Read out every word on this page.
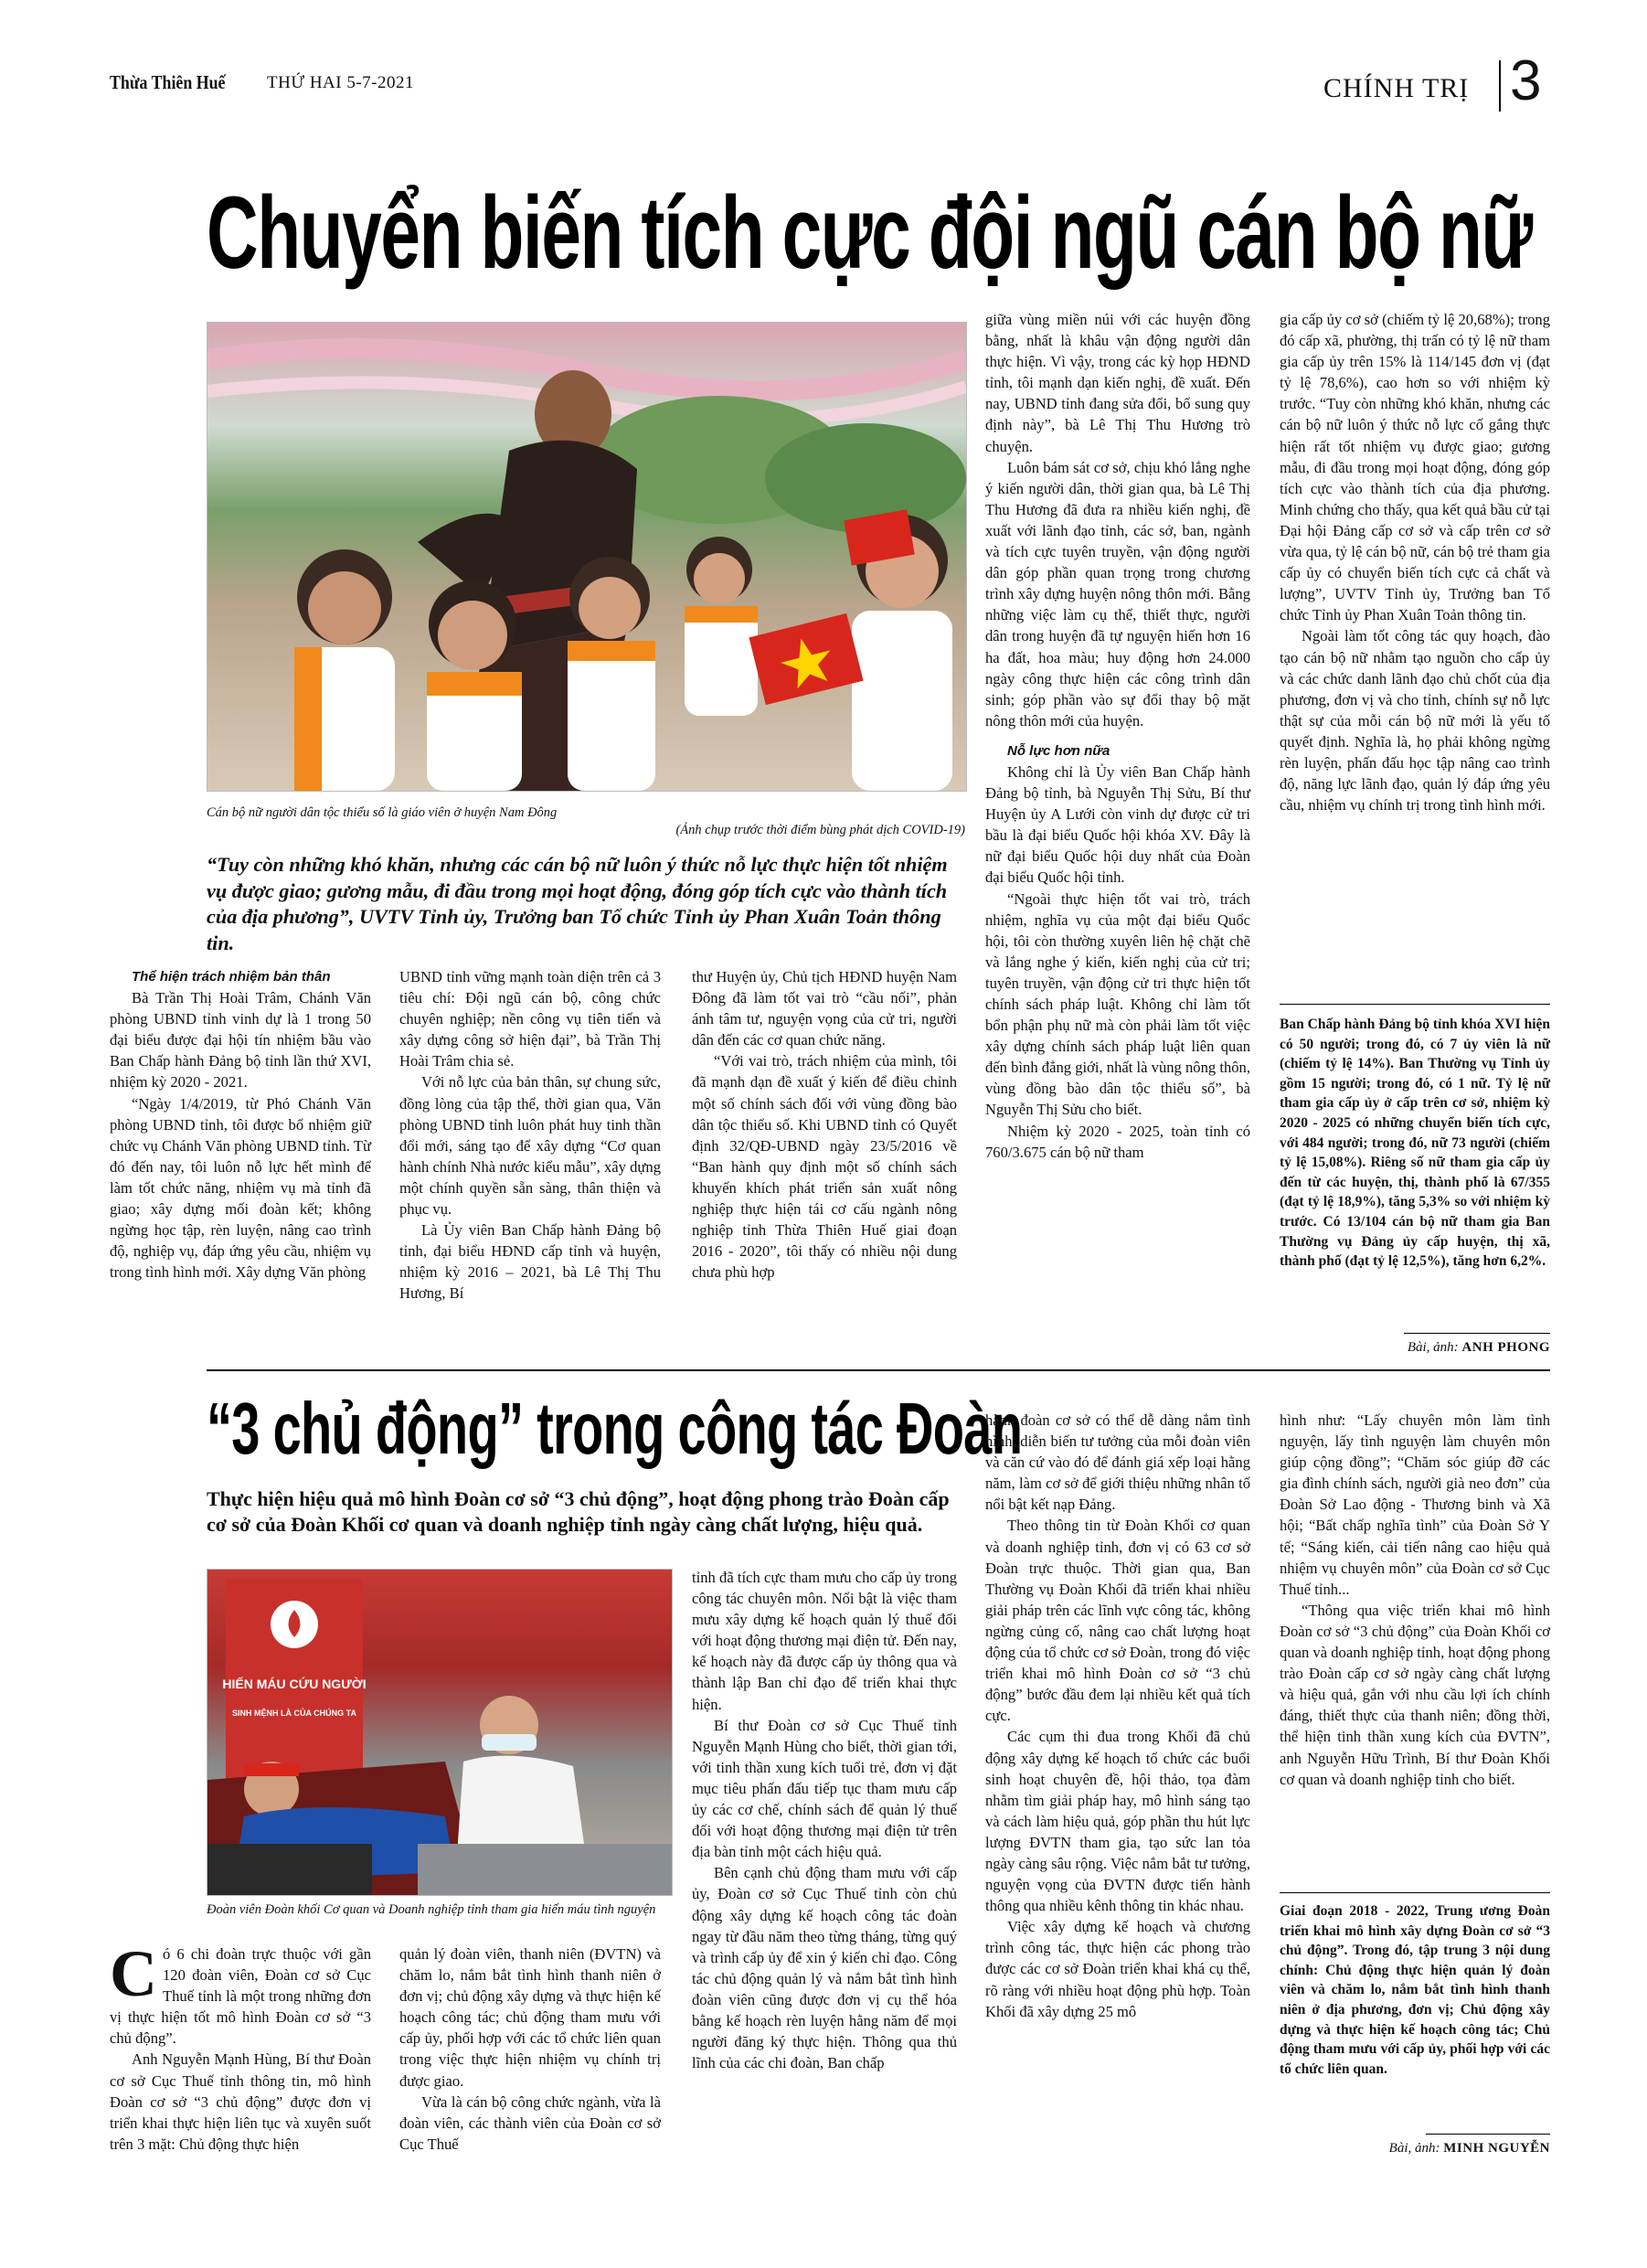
Thừa Thiên Huế THỨ HAI 5-7-2021	CHÍNH TRỊ 3
Chuyển biến tích cực đội ngũ cán bộ nữ
Cán bộ nữ người dân tộc thiểu số là giáo viên ở huyện Nam Đông
(Ảnh chụp trước thời điểm bùng phát dịch COVID-19)
“Tuy còn những khó khăn, nhưng các cán bộ nữ luôn ý thức nỗ lực thực hiện tốt nhiệm vụ được giao; gương mẫu, đi đầu trong mọi hoạt động, đóng góp tích cực vào thành tích của địa phương”, UVTV Tỉnh ủy, Trưởng ban Tổ chức Tỉnh ủy Phan Xuân Toản thông tin.

Thể hiện trách nhiệm bản thân

Bà Trần Thị Hoài Trâm, Chánh Văn phòng UBND tỉnh vinh dự là 1 trong 50 đại biểu được đại hội tín nhiệm bầu vào Ban Chấp hành Đảng bộ tỉnh lần thứ XVI, nhiệm kỳ 2020 - 2021.

“Ngày 1/4/2019, từ Phó Chánh Văn phòng UBND tỉnh, tôi được bổ nhiệm giữ chức vụ Chánh Văn phòng UBND tỉnh. Từ đó đến nay, tôi luôn nỗ lực hết mình để làm tốt chức năng, nhiệm vụ mà tỉnh đã giao; xây dựng mối đoàn kết; không ngừng học tập, rèn luyện, nâng cao trình độ, nghiệp vụ, đáp ứng yêu cầu, nhiệm vụ trong tình hình mới. Xây dựng Văn phòng

UBND tỉnh vững mạnh toàn diện trên cả 3 tiêu chí: Đội ngũ cán bộ, công chức chuyên nghiệp; nền công vụ tiên tiến và xây dựng công sở hiện đại”, bà Trần Thị Hoài Trâm chia sẻ.

Với nỗ lực của bản thân, sự chung sức, đồng lòng của tập thể, thời gian qua, Văn phòng UBND tỉnh luôn phát huy tinh thần đổi mới, sáng tạo để xây dựng “Cơ quan hành chính Nhà nước kiểu mẫu”, xây dựng một chính quyền sẵn sàng, thân thiện và phục vụ.

Là Ủy viên Ban Chấp hành Đảng bộ tỉnh, đại biểu HĐND cấp tỉnh và huyện, nhiệm kỳ 2016 – 2021, bà Lê Thị Thu Hương, Bí

thư Huyện ủy, Chủ tịch HĐND huyện Nam Đông đã làm tốt vai trò “cầu nối”, phản ánh tâm tư, nguyện vọng của cử tri, người dân đến các cơ quan chức năng.

“Với vai trò, trách nhiệm của mình, tôi đã mạnh dạn đề xuất ý kiến để điều chỉnh một số chính sách đối với vùng đồng bào dân tộc thiểu số. Khi UBND tỉnh có Quyết định 32/QĐ-UBND ngày 23/5/2016 về “Ban hành quy định một số chính sách khuyến khích phát triển sản xuất nông nghiệp thực hiện tái cơ cấu ngành nông nghiệp tỉnh Thừa Thiên Huế giai đoạn 2016 - 2020”, tôi thấy có nhiều nội dung chưa phù hợp

giữa vùng miền núi với các huyện đồng bằng, nhất là khâu vận động người dân thực hiện. Vì vậy, trong các kỳ họp HĐND tỉnh, tôi mạnh dạn kiến nghị, đề xuất. Đến nay, UBND tỉnh đang sửa đổi, bổ sung quy định này”, bà Lê Thị Thu Hương trò chuyện.

Luôn bám sát cơ sở, chịu khó lắng nghe ý kiến người dân, thời gian qua, bà Lê Thị Thu Hương đã đưa ra nhiều kiến nghị, đề xuất với lãnh đạo tỉnh, các sở, ban, ngành và tích cực tuyên truyền, vận động người dân góp phần quan trọng trong chương trình xây dựng huyện nông thôn mới. Bằng những việc làm cụ thể, thiết thực, người dân trong huyện đã tự nguyện hiến hơn 16 ha đất, hoa màu; huy động hơn 24.000 ngày công thực hiện các công trình dân sinh; góp phần vào sự đổi thay bộ mặt nông thôn mới của huyện.

Nỗ lực hơn nữa

Không chỉ là Ủy viên Ban Chấp hành Đảng bộ tỉnh, bà Nguyễn Thị Sửu, Bí thư Huyện ủy A Lưới còn vinh dự được cử tri bầu là đại biểu Quốc hội khóa XV. Đây là nữ đại biểu Quốc hội duy nhất của Đoàn đại biểu Quốc hội tỉnh.

“Ngoài thực hiện tốt vai trò, trách nhiệm, nghĩa vụ của một đại biểu Quốc hội, tôi còn thường xuyên liên hệ chặt chẽ và lắng nghe ý kiến, kiến nghị của cử tri; tuyên truyền, vận động cử tri thực hiện tốt chính sách pháp luật. Không chỉ làm tốt bổn phận phụ nữ mà còn phải làm tốt việc xây dựng chính sách pháp luật liên quan đến bình đẳng giới, nhất là vùng nông thôn, vùng đồng bào dân tộc thiểu số”, bà Nguyễn Thị Sửu cho biết.

Nhiệm kỳ 2020 - 2025, toàn tỉnh có 760/3.675 cán bộ nữ tham

gia cấp ủy cơ sở (chiếm tỷ lệ 20,68%); trong đó cấp xã, phường, thị trấn có tỷ lệ nữ tham gia cấp ủy trên 15% là 114/145 đơn vị (đạt tỷ lệ 78,6%), cao hơn so với nhiệm kỳ trước. “Tuy còn những khó khăn, nhưng các cán bộ nữ luôn ý thức nỗ lực cố gắng thực hiện rất tốt nhiệm vụ được giao; gương mẫu, đi đầu trong mọi hoạt động, đóng góp tích cực vào thành tích của địa phương. Minh chứng cho thấy, qua kết quả bầu cử tại Đại hội Đảng cấp cơ sở và cấp trên cơ sở vừa qua, tỷ lệ cán bộ nữ, cán bộ trẻ tham gia cấp ủy có chuyển biến tích cực cả chất và lượng”, UVTV Tỉnh ủy, Trưởng ban Tổ chức Tỉnh ủy Phan Xuân Toản thông tin.

Ngoài làm tốt công tác quy hoạch, đào tạo cán bộ nữ nhằm tạo nguồn cho cấp ủy và các chức danh lãnh đạo chủ chốt của địa phương, đơn vị và cho tỉnh, chính sự nỗ lực thật sự của mỗi cán bộ nữ mới là yếu tố quyết định. Nghĩa là, họ phải không ngừng rèn luyện, phấn đấu học tập nâng cao trình độ, năng lực lãnh đạo, quản lý đáp ứng yêu cầu, nhiệm vụ chính trị trong tình hình mới.

Ban Chấp hành Đảng bộ tỉnh khóa XVI hiện có 50 người; trong đó, có 7 ủy viên là nữ (chiếm tỷ lệ 14%). Ban Thường vụ Tỉnh ủy gồm 15 người; trong đó, có 1 nữ. Tỷ lệ nữ tham gia cấp ủy ở cấp trên cơ sở, nhiệm kỳ 2020 - 2025 có những chuyển biến tích cực, với 484 người; trong đó, nữ 73 người (chiếm tỷ lệ 15,08%). Riêng số nữ tham gia cấp ủy đến từ các huyện, thị, thành phố là 67/355 (đạt tỷ lệ 18,9%), tăng 5,3% so với nhiệm kỳ trước. Có 13/104 cán bộ nữ tham gia Ban Thường vụ Đảng ủy cấp huyện, thị xã, thành phố (đạt tỷ lệ 12,5%), tăng hơn 6,2%.
Bài, ảnh: ANH PHONG
“3 chủ động” trong công tác Đoàn
Thực hiện hiệu quả mô hình Đoàn cơ sở “3 chủ động”, hoạt động phong trào Đoàn cấp cơ sở của Đoàn Khối cơ quan và doanh nghiệp tỉnh ngày càng chất lượng, hiệu quả.
HIẾN MÁU CỨU NGƯỜI
SINH MỆNH LÀ CỦA CHÚNG TA
Đoàn viên Đoàn khối Cơ quan và Doanh nghiệp tỉnh tham gia hiến máu tình nguyện

Có 6 chi đoàn trực thuộc với gần 120 đoàn viên, Đoàn cơ sở Cục Thuế tỉnh là một trong những đơn vị thực hiện tốt mô hình Đoàn cơ sở “3 chủ động”.

Anh Nguyễn Mạnh Hùng, Bí thư Đoàn cơ sở Cục Thuế tỉnh thông tin, mô hình Đoàn cơ sở “3 chủ động” được đơn vị triển khai thực hiện liên tục và xuyên suốt trên 3 mặt: Chủ động thực hiện

quản lý đoàn viên, thanh niên (ĐVTN) và chăm lo, nắm bắt tình hình thanh niên ở đơn vị; chủ động xây dựng và thực hiện kế hoạch công tác; chủ động tham mưu với cấp ủy, phối hợp với các tổ chức liên quan trong việc thực hiện nhiệm vụ chính trị được giao.

Vừa là cán bộ công chức ngành, vừa là đoàn viên, các thành viên của Đoàn cơ sở Cục Thuế

tỉnh đã tích cực tham mưu cho cấp ủy trong công tác chuyên môn. Nổi bật là việc tham mưu xây dựng kế hoạch quản lý thuế đối với hoạt động thương mại điện tử. Đến nay, kế hoạch này đã được cấp ủy thông qua và thành lập Ban chỉ đạo để triển khai thực hiện.

Bí thư Đoàn cơ sở Cục Thuế tỉnh Nguyễn Mạnh Hùng cho biết, thời gian tới, với tinh thần xung kích tuổi trẻ, đơn vị đặt mục tiêu phấn đấu tiếp tục tham mưu cấp ủy các cơ chế, chính sách để quản lý thuế đối với hoạt động thương mại điện tử trên địa bàn tỉnh một cách hiệu quả.

Bên cạnh chủ động tham mưu với cấp ủy, Đoàn cơ sở Cục Thuế tỉnh còn chủ động xây dựng kế hoạch công tác đoàn ngay từ đầu năm theo từng tháng, từng quý và trình cấp ủy để xin ý kiến chỉ đạo. Công tác chủ động quản lý và nắm bắt tình hình đoàn viên cũng được đơn vị cụ thể hóa bằng kế hoạch rèn luyện hằng năm để mọi người đăng ký thực hiện. Thông qua thủ lĩnh của các chi đoàn, Ban chấp

hành đoàn cơ sở có thể dễ dàng nắm tình hình, diễn biến tư tưởng của mỗi đoàn viên và căn cứ vào đó để đánh giá xếp loại hằng năm, làm cơ sở để giới thiệu những nhân tố nổi bật kết nạp Đảng.

Theo thông tin từ Đoàn Khối cơ quan và doanh nghiệp tỉnh, đơn vị có 63 cơ sở Đoàn trực thuộc. Thời gian qua, Ban Thường vụ Đoàn Khối đã triển khai nhiều giải pháp trên các lĩnh vực công tác, không ngừng củng cố, nâng cao chất lượng hoạt động của tổ chức cơ sở Đoàn, trong đó việc triển khai mô hình Đoàn cơ sở “3 chủ động” bước đầu đem lại nhiều kết quả tích cực.

Các cụm thi đua trong Khối đã chủ động xây dựng kế hoạch tổ chức các buổi sinh hoạt chuyên đề, hội thảo, tọa đàm nhằm tìm giải pháp hay, mô hình sáng tạo và cách làm hiệu quả, góp phần thu hút lực lượng ĐVTN tham gia, tạo sức lan tỏa ngày càng sâu rộng. Việc nắm bắt tư tưởng, nguyện vọng của ĐVTN được tiến hành thông qua nhiều kênh thông tin khác nhau.

Việc xây dựng kế hoạch và chương trình công tác, thực hiện các phong trào được các cơ sở Đoàn triển khai khá cụ thể, rõ ràng với nhiều hoạt động phù hợp. Toàn Khối đã xây dựng 25 mô

hình như: “Lấy chuyên môn làm tình nguyện, lấy tình nguyện làm chuyên môn giúp cộng đồng”; “Chăm sóc giúp đỡ các gia đình chính sách, người già neo đơn” của Đoàn Sở Lao động - Thương binh và Xã hội; “Bất chấp nghĩa tình” của Đoàn Sở Y tế; “Sáng kiến, cải tiến nâng cao hiệu quả nhiệm vụ chuyên môn” của Đoàn cơ sở Cục Thuế tỉnh...

“Thông qua việc triển khai mô hình Đoàn cơ sở “3 chủ động” của Đoàn Khối cơ quan và doanh nghiệp tỉnh, hoạt động phong trào Đoàn cấp cơ sở ngày càng chất lượng và hiệu quả, gắn với nhu cầu lợi ích chính đáng, thiết thực của thanh niên; đồng thời, thể hiện tinh thần xung kích của ĐVTN”, anh Nguyễn Hữu Trình, Bí thư Đoàn Khối cơ quan và doanh nghiệp tỉnh cho biết.

Giai đoạn 2018 - 2022, Trung ương Đoàn triển khai mô hình xây dựng Đoàn cơ sở “3 chủ động”. Trong đó, tập trung 3 nội dung chính: Chủ động thực hiện quản lý đoàn viên và chăm lo, nắm bắt tình hình thanh niên ở địa phương, đơn vị; Chủ động xây dựng và thực hiện kế hoạch công tác; Chủ động tham mưu với cấp ủy, phối hợp với các tổ chức liên quan.
Bài, ảnh: MINH NGUYỄN
